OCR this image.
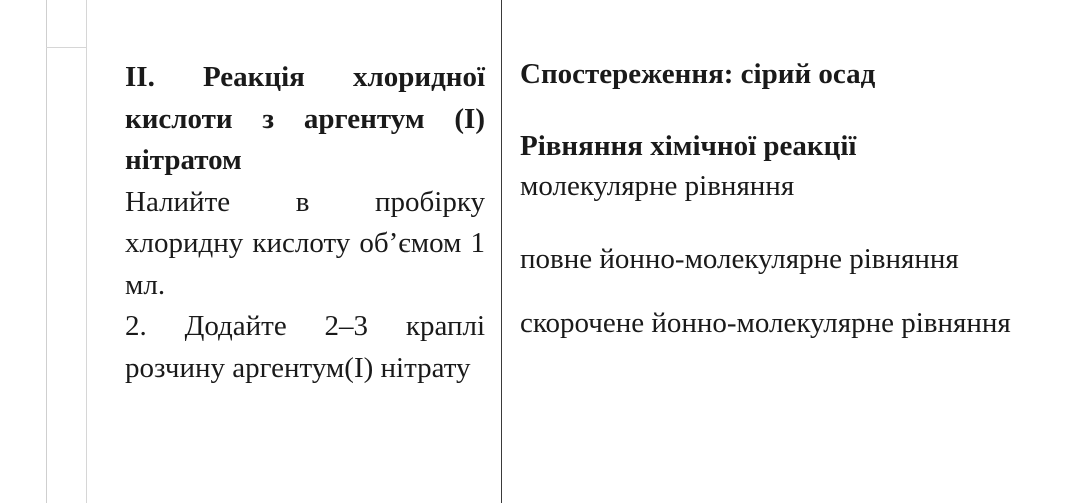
ІІ. Реакція хлоридної кислоти з аргентум (І) нітратом

Налийте в пробірку хлоридну кислоту об’ємом 1 мл.

2. Додайте 2–3 краплі розчину аргентум(І) нітрату

Спостереження: сірий осад
Рівняння хімічної реакції
молекулярне рівняння
повне йонно-молекулярне рівняння
скорочене йонно-молекулярне рівняння
